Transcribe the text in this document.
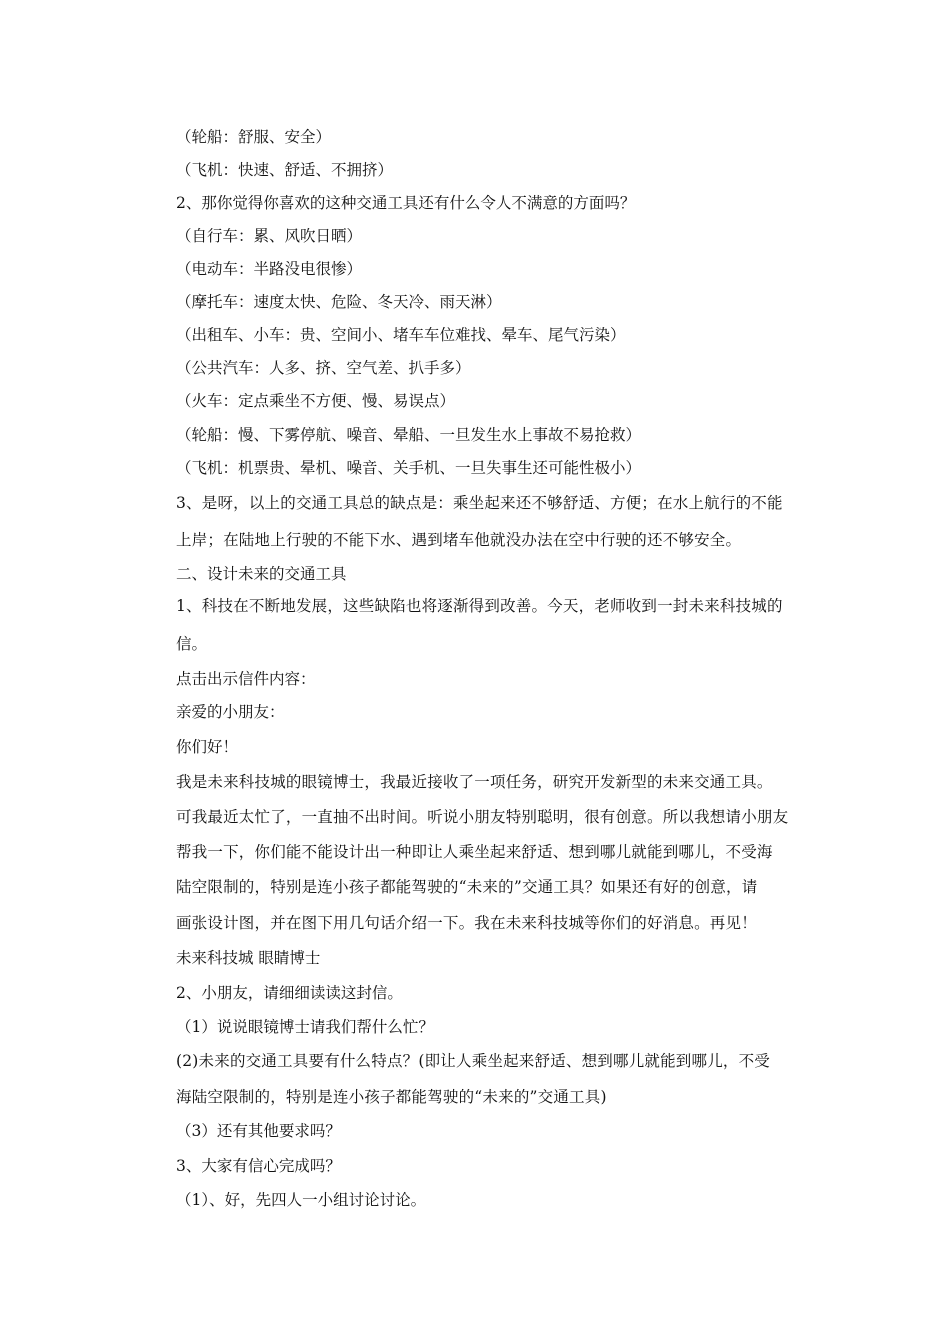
（轮船：舒服、安全）
（飞机：快速、舒适、不拥挤）
2、那你觉得你喜欢的这种交通工具还有什么令人不满意的方面吗？
（自行车：累、风吹日晒）
（电动车：半路没电很惨）
（摩托车：速度太快、危险、冬天冷、雨天淋）
（出租车、小车：贵、空间小、堵车车位难找、晕车、尾气污染）
（公共汽车：人多、挤、空气差、扒手多）
（火车：定点乘坐不方便、慢、易误点）
（轮船：慢、下雾停航、噪音、晕船、一旦发生水上事故不易抢救）
（飞机：机票贵、晕机、噪音、关手机、一旦失事生还可能性极小）
3、是呀，以上的交通工具总的缺点是：乘坐起来还不够舒适、方便；在水上航行的不能
上岸；在陆地上行驶的不能下水、遇到堵车他就没办法在空中行驶的还不够安全。
二、设计未来的交通工具
1、科技在不断地发展，这些缺陷也将逐渐得到改善。今天，老师收到一封未来科技城的
信。
点击出示信件内容：
亲爱的小朋友：
你们好！
我是未来科技城的眼镜博士，我最近接收了一项任务，研究开发新型的未来交通工具。
可我最近太忙了，一直抽不出时间。听说小朋友特别聪明，很有创意。所以我想请小朋友
帮我一下，你们能不能设计出一种即让人乘坐起来舒适、想到哪儿就能到哪儿，不受海
陆空限制的，特别是连小孩子都能驾驶的“未来的”交通工具？如果还有好的创意，请
画张设计图，并在图下用几句话介绍一下。我在未来科技城等你们的好消息。再见！
未来科技城 眼睛博士
2、小朋友，请细细读读这封信。
（1）说说眼镜博士请我们帮什么忙？
(2)未来的交通工具要有什么特点？(即让人乘坐起来舒适、想到哪儿就能到哪儿，不受
海陆空限制的，特别是连小孩子都能驾驶的“未来的”交通工具)
（3）还有其他要求吗？
3、大家有信心完成吗？
（1）、好，先四人一小组讨论讨论。
